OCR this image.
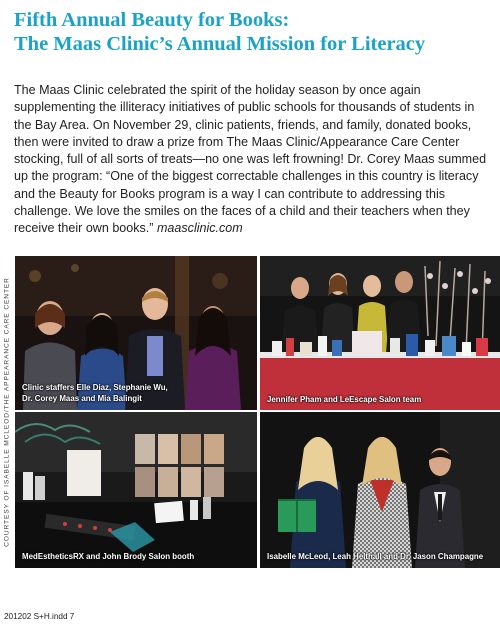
Fifth Annual Beauty for Books:
The Maas Clinic’s Annual Mission for Literacy

The Maas Clinic celebrated the spirit of the holiday season by once again supplementing the illiteracy initiatives of public schools for thousands of students in the Bay Area. On November 29, clinic patients, friends, and family, donated books, then were invited to draw a prize from The Maas Clinic/Appearance Care Center stocking, full of all sorts of treats—no one was left frowning! Dr. Corey Maas summed up the program: “One of the biggest correctable challenges in this country is literacy and the Beauty for Books program is a way I can contribute to addressing this challenge. We love the smiles on the faces of a child and their teachers when they receive their own books.” maasclinic.com

COURTESY OF ISABELLE MCLEOD/THE APPEARANCE CARE CENTER Clinic staffers Elle Diaz, Stephanie Wu,
Dr. Corey Maas and Mia Balingit	Jennifer Pham and LeEscape Salon team
MedEstheticsRX and John Brody Salon booth	Isabelle McLeod, Leah Helthall and Dr. Jason Champagne
201202 S+H.indd 7
